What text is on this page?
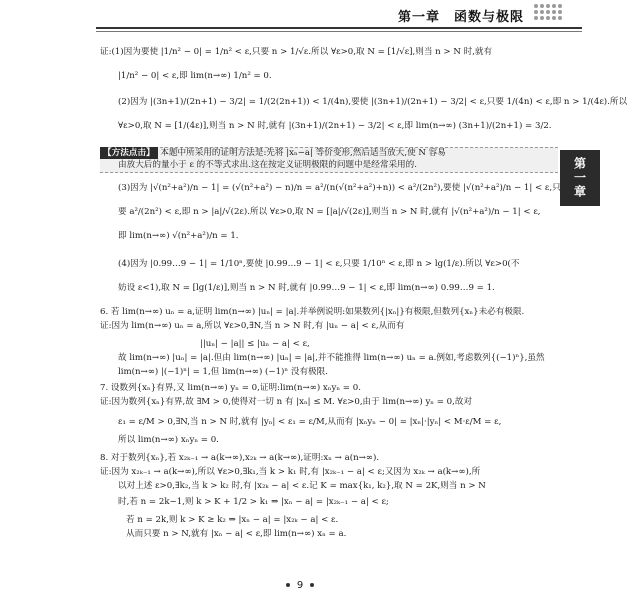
第一章　函数与极限
第一章
证:(1)因为要使 |1/n² − 0| = 1/n² < ε,只要 n > 1/√ε.所以 ∀ε>0,取 N = [1/√ε],则当 n > N 时,就有
|1/n² − 0| < ε,即 lim(n→∞) 1/n² = 0.
(2)因为 |(3n+1)/(2n+1) − 3/2| = 1/(2(2n+1)) < 1/(4n),要使 |(3n+1)/(2n+1) − 3/2| < ε,只要 1/(4n) < ε,即 n > 1/(4ε).所以
∀ε>0,取 N = [1/(4ε)],则当 n > N 时,就有 |(3n+1)/(2n+1) − 3/2| < ε,即 lim(n→∞) (3n+1)/(2n+1) = 3/2.
【方法点击】 本题中所采用的证明方法是:先将 |xₙ−a| 等价变形,然后适当放大,使 N 容易
由放大后的量小于 ε 的不等式求出.这在按定义证明极限的问题中是经常采用的.
(3)因为 |√(n²+a²)/n − 1| = (√(n²+a²) − n)/n = a²/(n(√(n²+a²)+n)) < a²/(2n²),要使 |√(n²+a²)/n − 1| < ε,只
要 a²/(2n²) < ε,即 n > |a|/√(2ε).所以 ∀ε>0,取 N = [|a|/√(2ε)],则当 n > N 时,就有 |√(n²+a²)/n − 1| < ε,
即 lim(n→∞) √(n²+a²)/n = 1.
(4)因为 |0.99…9 − 1| = 1/10ⁿ,要使 |0.99…9 − 1| < ε,只要 1/10ⁿ < ε,即 n > lg(1/ε).所以 ∀ε>0(不
妨设 ε<1),取 N = [lg(1/ε)],则当 n > N 时,就有 |0.99…9 − 1| < ε,即 lim(n→∞) 0.99…9 = 1.
6. 若 lim(n→∞) uₙ = a,证明 lim(n→∞) |uₙ| = |a|.并举例说明:如果数列{|xₙ|}有极限,但数列{xₙ}未必有极限.
证:因为 lim(n→∞) uₙ = a,所以 ∀ε>0,∃N,当 n > N 时,有 |uₙ − a| < ε,从而有
||uₙ| − |a|| ≤ |uₙ − a| < ε,
故 lim(n→∞) |uₙ| = |a|.但由 lim(n→∞) |uₙ| = |a|,并不能推得 lim(n→∞) uₙ = a.例如,考虑数列{(−1)ⁿ},虽然
lim(n→∞) |(−1)ⁿ| = 1,但 lim(n→∞) (−1)ⁿ 没有极限.
7. 设数列{xₙ}有界,又 lim(n→∞) yₙ = 0,证明:lim(n→∞) xₙyₙ = 0.
证:因为数列{xₙ}有界,故 ∃M > 0,使得对一切 n 有 |xₙ| ≤ M. ∀ε>0,由于 lim(n→∞) yₙ = 0,故对
ε₁ = ε/M > 0,∃N,当 n > N 时,就有 |yₙ| < ε₁ = ε/M,从而有 |xₙyₙ − 0| = |xₙ|·|yₙ| < M·ε/M = ε,
所以 lim(n→∞) xₙyₙ = 0.
8. 对于数列{xₙ},若 x₂ₖ₋₁ → a(k→∞),x₂ₖ → a(k→∞),证明:xₙ → a(n→∞).
证:因为 x₂ₖ₋₁ → a(k→∞),所以 ∀ε>0,∃k₁,当 k > k₁ 时,有 |x₂ₖ₋₁ − a| < ε;又因为 x₂ₖ → a(k→∞),所
以对上述 ε>0,∃k₂,当 k > k₂ 时,有 |x₂ₖ − a| < ε.记 K = max{k₁, k₂},取 N = 2K,则当 n > N
时,若 n = 2k−1,则 k > K + 1/2 > k₁ ⇒ |xₙ − a| = |x₂ₖ₋₁ − a| < ε;
若 n = 2k,则 k > K ≥ k₂ ⇒ |xₙ − a| = |x₂ₖ − a| < ε.
从而只要 n > N,就有 |xₙ − a| < ε,即 lim(n→∞) xₙ = a.
9
